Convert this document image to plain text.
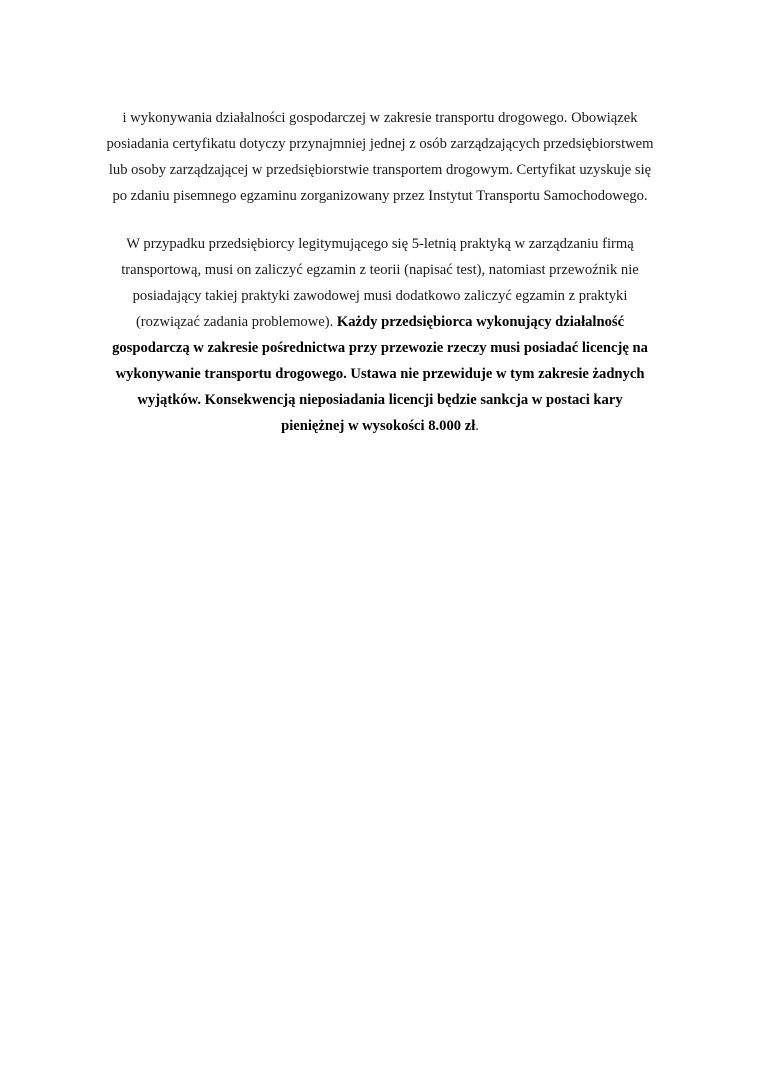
i wykonywania działalności gospodarczej w zakresie transportu drogowego. Obowiązek
posiadania certyfikatu dotyczy przynajmniej jednej z osób zarządzających przedsiębiorstwem
lub osoby zarządzającej w przedsiębiorstwie transportem drogowym. Certyfikat uzyskuje się
po zdaniu pisemnego egzaminu zorganizowany przez Instytut Transportu Samochodowego.

W przypadku przedsiębiorcy legitymującego się 5-letnią praktyką w zarządzaniu firmą
transportową, musi on zaliczyć egzamin z teorii (napisać test), natomiast przewoźnik nie
posiadający takiej praktyki zawodowej musi dodatkowo zaliczyć egzamin z praktyki
(rozwiązać zadania problemowe). Każdy przedsiębiorca wykonujący działalność
gospodarczą w zakresie pośrednictwa przy przewozie rzeczy musi posiadać licencję na
wykonywanie transportu drogowego. Ustawa nie przewiduje w tym zakresie żadnych
wyjątków. Konsekwencją nieposiadania licencji będzie sankcja w postaci kary
pieniężnej w wysokości 8.000 zł.
